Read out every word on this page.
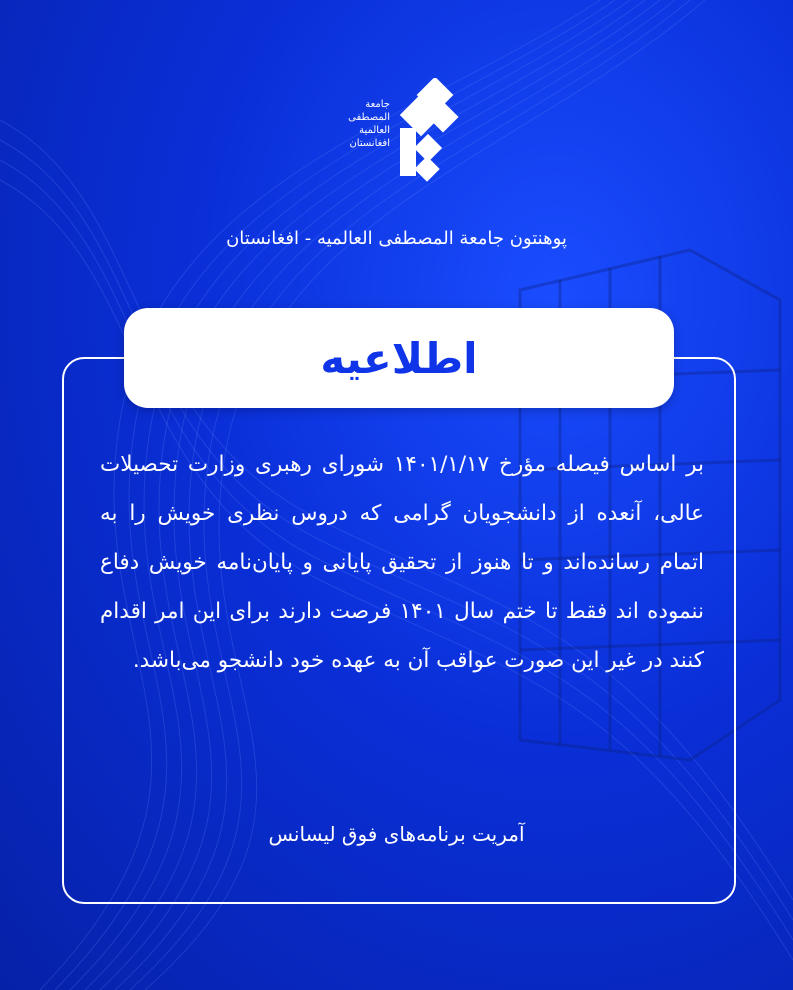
جامعة
المصطفى
العالمية
افغانستان
پوهنتون جامعة المصطفی العالمیه - افغانستان
اطلاعیه
بر اساس فیصله مؤرخ ۱۴۰۱/۱/۱۷ شورای رهبری وزارت تحصیلات عالی، آنعده از دانشجویان گرامی که دروس نظری خویش را به اتمام رسانده‌اند و تا هنوز از تحقیق پایانی و پایان‌نامه خویش دفاع ننموده اند فقط تا ختم سال ۱۴۰۱ فرصت دارند برای این امر اقدام کنند در غیر این صورت عواقب آن به عهده خود دانشجو می‌باشد.
آمریت برنامه‌های فوق لیسانس
